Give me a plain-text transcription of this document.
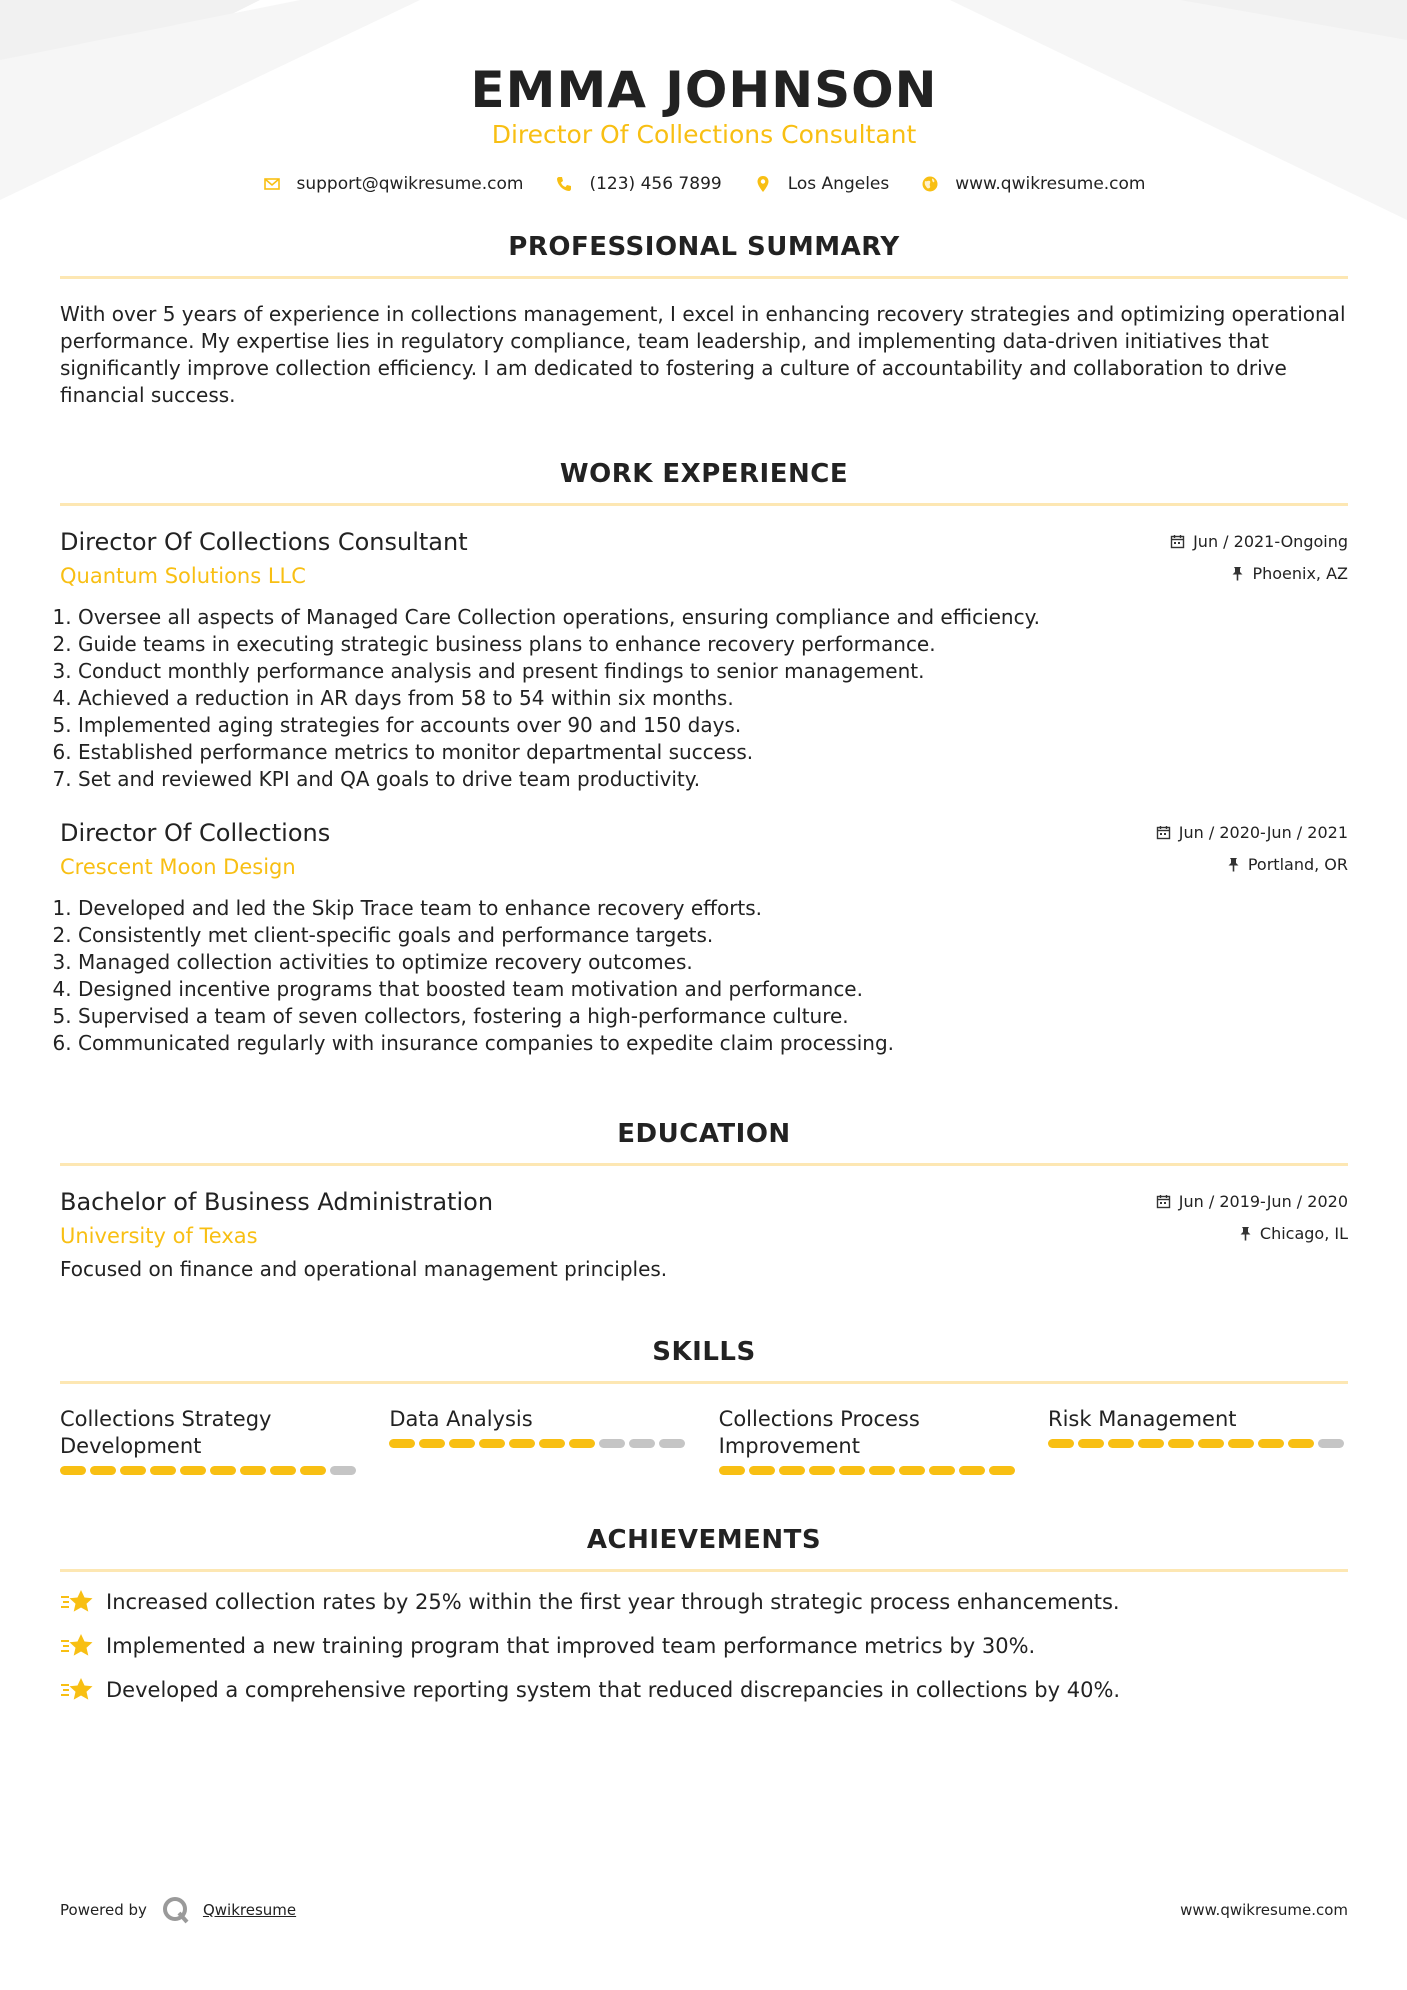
EMMA JOHNSON
Director Of Collections Consultant
support@qwikresume.com	(123) 456 7899	Los Angeles	www.qwikresume.com
PROFESSIONAL SUMMARY
With over 5 years of experience in collections management, I excel in enhancing recovery strategies and optimizing operational performance. My expertise lies in regulatory compliance, team leadership, and implementing data-driven initiatives that significantly improve collection efficiency. I am dedicated to fostering a culture of accountability and collaboration to drive financial success.
WORK EXPERIENCE
Director Of Collections Consultant
Quantum Solutions LLC
Jun / 2021-Ongoing
Phoenix, AZ
1. Oversee all aspects of Managed Care Collection operations, ensuring compliance and efficiency.
2. Guide teams in executing strategic business plans to enhance recovery performance.
3. Conduct monthly performance analysis and present findings to senior management.
4. Achieved a reduction in AR days from 58 to 54 within six months.
5. Implemented aging strategies for accounts over 90 and 150 days.
6. Established performance metrics to monitor departmental success.
7. Set and reviewed KPI and QA goals to drive team productivity.
Director Of Collections
Crescent Moon Design
Jun / 2020-Jun / 2021
Portland, OR
1. Developed and led the Skip Trace team to enhance recovery efforts.
2. Consistently met client-specific goals and performance targets.
3. Managed collection activities to optimize recovery outcomes.
4. Designed incentive programs that boosted team motivation and performance.
5. Supervised a team of seven collectors, fostering a high-performance culture.
6. Communicated regularly with insurance companies to expedite claim processing.
EDUCATION
Bachelor of Business Administration
University of Texas
Jun / 2019-Jun / 2020
Chicago, IL
Focused on finance and operational management principles.
SKILLS
Collections Strategy Development
Data Analysis	Collections Process Improvement
Risk Management
ACHIEVEMENTS
Increased collection rates by 25% within the first year through strategic process enhancements.
Implemented a new training program that improved team performance metrics by 30%.
Developed a comprehensive reporting system that reduced discrepancies in collections by 40%.
Powered by	Qwikresume	www.qwikresume.com
